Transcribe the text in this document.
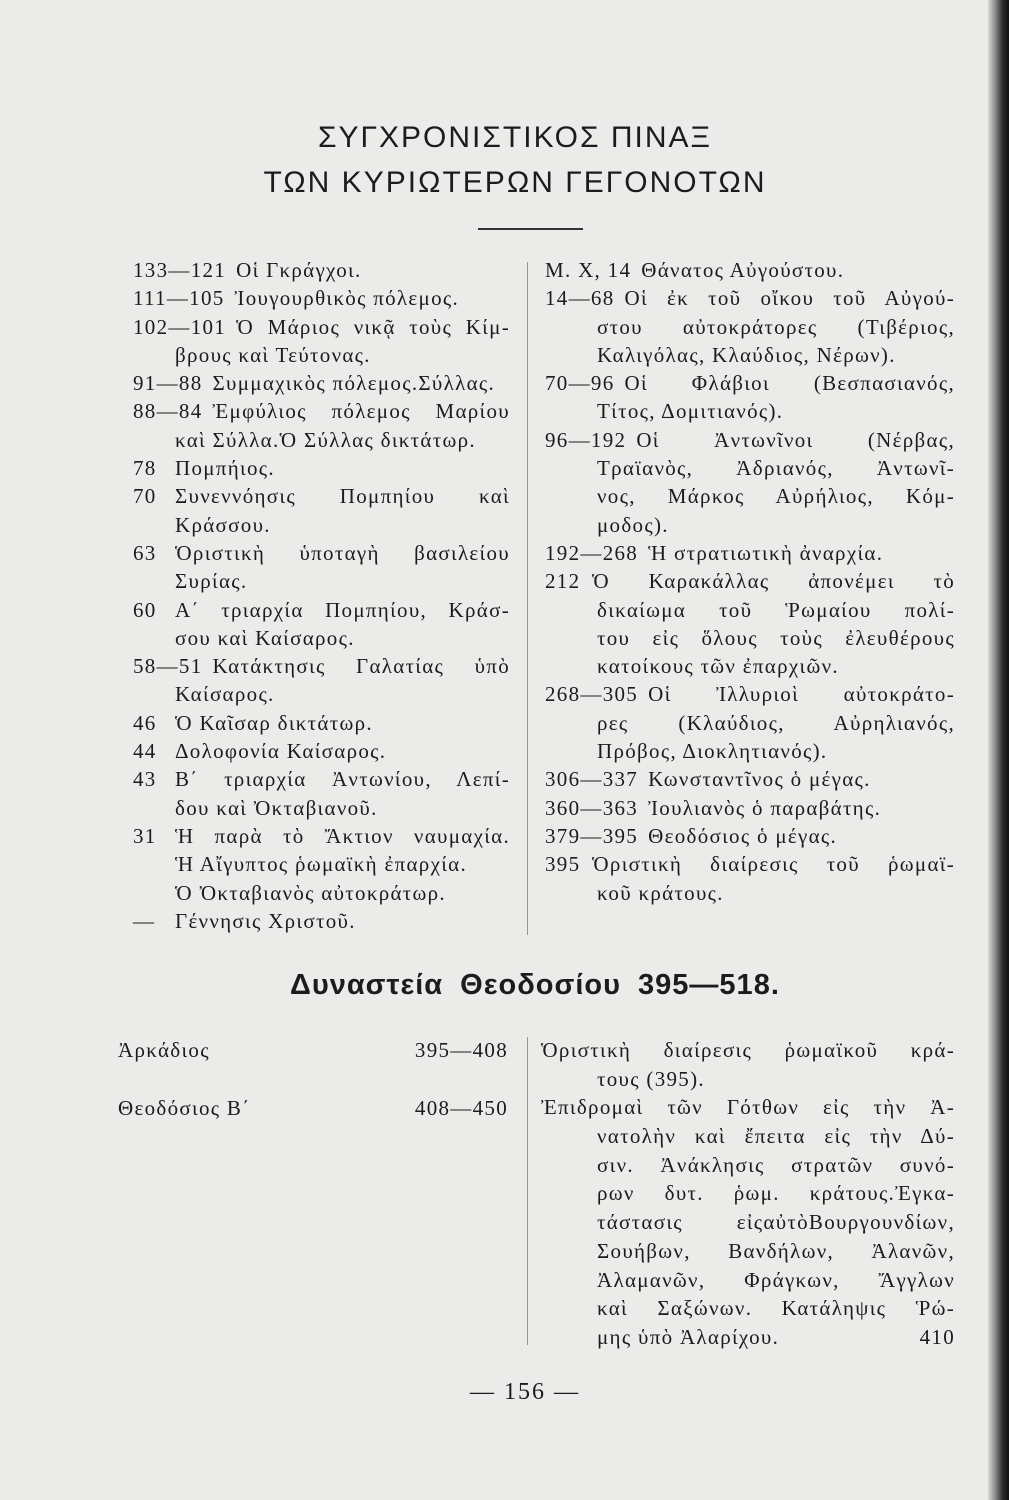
ΣΥΓΧΡΟΝΙΣΤΙΚΟΣ ΠΙΝΑΞ
ΤΩΝ ΚΥΡΙΩΤΕΡΩΝ ΓΕΓΟΝΟΤΩΝ
133—121 Οἱ Γκράγχοι.
111—105 Ἰουγουρθικὸς πόλεμος.
102—101 Ὁ Μάριος νικᾷ τοὺς Κίμ-
βρους καὶ Τεύτονας.
91—88 Συμμαχικὸς πόλεμος.Σύλλας.
88—84 Ἐμφύλιος πόλεμος Μαρίου
καὶ Σύλλα.Ὁ Σύλλας δικτάτωρ.
78 Πομπήιος.
70 Συνεννόησις Πομπηίου καὶ
Κράσσου.
63 Ὁριστικὴ ὑποταγὴ βασιλείου
Συρίας.
60 Α΄ τριαρχία Πομπηίου, Κράσ-
σου καὶ Καίσαρος.
58—51 Κατάκτησις Γαλατίας ὑπὸ
Καίσαρος.
46 Ὁ Καῖσαρ δικτάτωρ.
44 Δολοφονία Καίσαρος.
43 Β΄ τριαρχία Ἀντωνίου, Λεπί-
δου καὶ Ὀκταβιανοῦ.
31 Ἡ παρὰ τὸ Ἄκτιον ναυμαχία.
Ἡ Αἴγυπτος ῥωμαϊκὴ ἐπαρχία.
Ὁ Ὀκταβιανὸς αὐτοκράτωρ.
— Γέννησις Χριστοῦ.
Μ. Χ, 14 Θάνατος Αὐγούστου.
14—68 Οἱ ἐκ τοῦ οἴκου τοῦ Αὐγού-
στου αὐτοκράτορες (Τιβέριος,
Καλιγόλας, Κλαύδιος, Νέρων).
70—96 Οἱ Φλάβιοι (Βεσπασιανός,
Τίτος, Δομιτιανός).
96—192 Οἱ Ἀντωνῖνοι (Νέρβας,
Τραϊανὸς, Ἀδριανός, Ἀντωνῖ-
νος, Μάρκος Αὐρήλιος, Κόμ-
μοδος).
192—268 Ἡ στρατιωτικὴ ἀναρχία.
212 Ὁ Καρακάλλας ἀπονέμει τὸ
δικαίωμα τοῦ Ῥωμαίου πολί-
του εἰς ὅλους τοὺς ἐλευθέρους
κατοίκους τῶν ἐπαρχιῶν.
268—305 Οἱ Ἰλλυριοὶ αὐτοκράτο-
ρες (Κλαύδιος, Αὐρηλιανός,
Πρόβος, Διοκλητιανός).
306—337 Κωνσταντῖνος ὁ μέγας.
360—363 Ἰουλιανὸς ὁ παραβάτης.
379—395 Θεοδόσιος ὁ μέγας.
395 Ὁριστικὴ διαίρεσις τοῦ ῥωμαϊ-
κοῦ κράτους.
Δυναστεία Θεοδοσίου 395—518.
Ἀρκάδιος	395—408
Θεοδόσιος Β΄	408—450
Ὁριστικὴ διαίρεσις ῥωμαϊκοῦ κρά-
τους (395).
Ἐπιδρομαὶ τῶν Γότθων εἰς τὴν Ἀ-
νατολὴν καὶ ἔπειτα εἰς τὴν Δύ-
σιν. Ἀνάκλησις στρατῶν συνό-
ρων δυτ. ῥωμ. κράτους.Ἐγκα-
τάστασις εἰςαὐτὸΒουργουνδίων,
Σουήβων, Βανδήλων, Ἀλανῶν,
Ἀλαμανῶν, Φράγκων, Ἄγγλων
καὶ Σαξώνων. Κατάληψις Ῥώ-
μης ὑπὸ Ἀλαρίχου.	410
— 156 —
